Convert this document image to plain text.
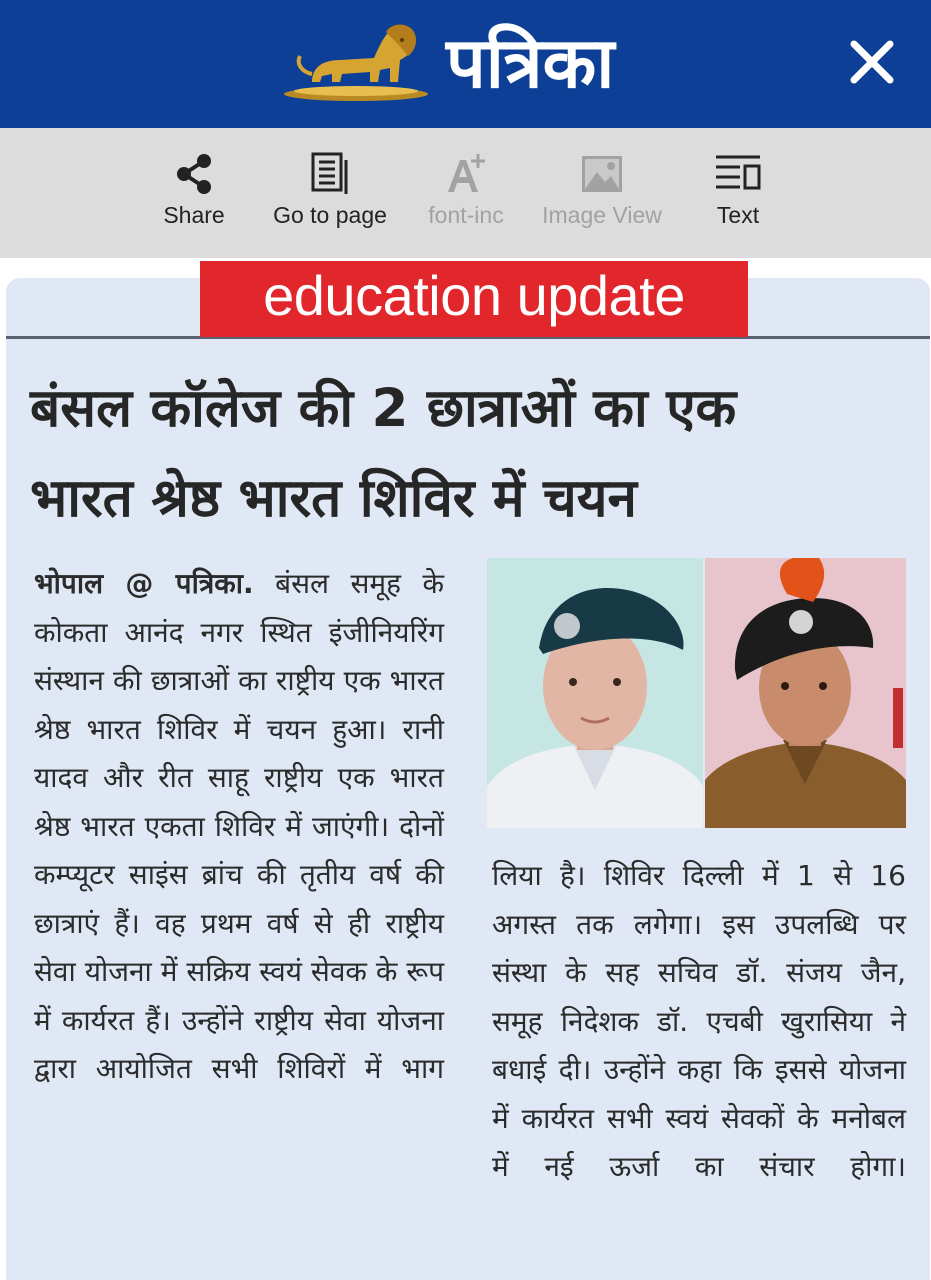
पत्रिका
Share	Go to page	font-inc	Image View	Text
education update
बंसल कॉलेज की 2 छात्राओं का एक
भारत श्रेष्ठ भारत शिविर में चयन
भोपाल @ पत्रिका. बंसल समूह के कोकता आनंद नगर स्थित इंजीनियरिंग संस्थान की छात्राओं का राष्ट्रीय एक भारत श्रेष्ठ भारत शिविर में चयन हुआ। रानी यादव और रीत साहू राष्ट्रीय एक भारत श्रेष्ठ भारत एकता शिविर में जाएंगी। दोनों कम्प्यूटर साइंस ब्रांच की तृतीय वर्ष की छात्राएं हैं। वह प्रथम वर्ष से ही राष्ट्रीय सेवा योजना में सक्रिय स्वयं सेवक के रूप में कार्यरत हैं। उन्होंने राष्ट्रीय सेवा योजना द्वारा आयोजित सभी शिविरों में भाग
लिया है। शिविर दिल्ली में 1 से 16 अगस्त तक लगेगा। इस उपलब्धि पर संस्था के सह सचिव डॉ. संजय जैन, समूह निदेशक डॉ. एचबी खुरासिया ने बधाई दी। उन्होंने कहा कि इससे योजना में कार्यरत सभी स्वयं सेवकों के मनोबल में नई ऊर्जा का संचार होगा।
